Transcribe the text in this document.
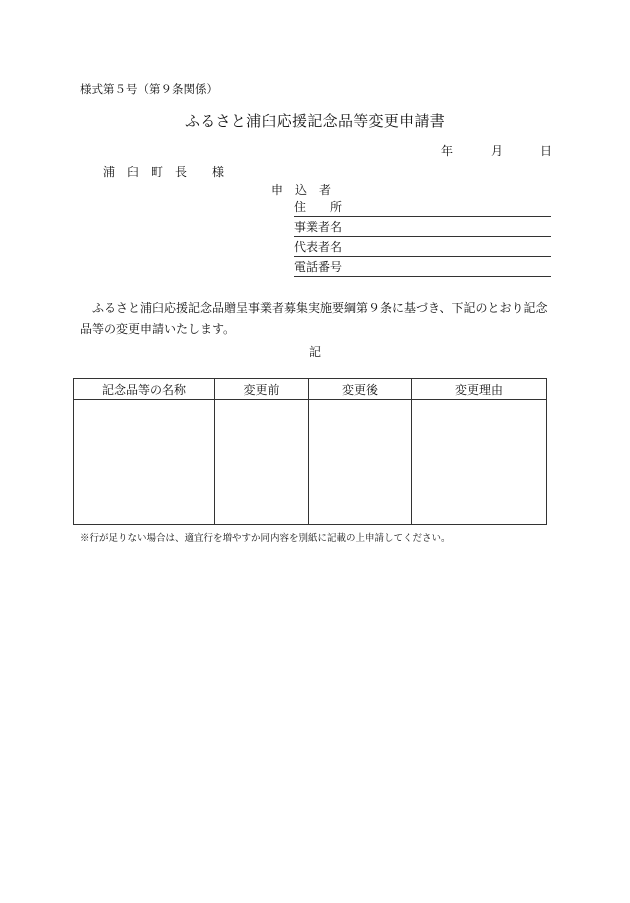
様式第５号（第９条関係）
ふるさと浦臼応援記念品等変更申請書
年	月	日
浦　臼　町　長 様
申　込　者
住　　所
事業者名
代表者名
電話番号
ふるさと浦臼応援記念品贈呈事業者募集実施要綱第９条に基づき、下記のとおり記念品等の変更申請いたします。
記
記念品等の名称	変更前	変更後	変更理由

※行が足りない場合は、適宜行を増やすか同内容を別紙に記載の上申請してください。
